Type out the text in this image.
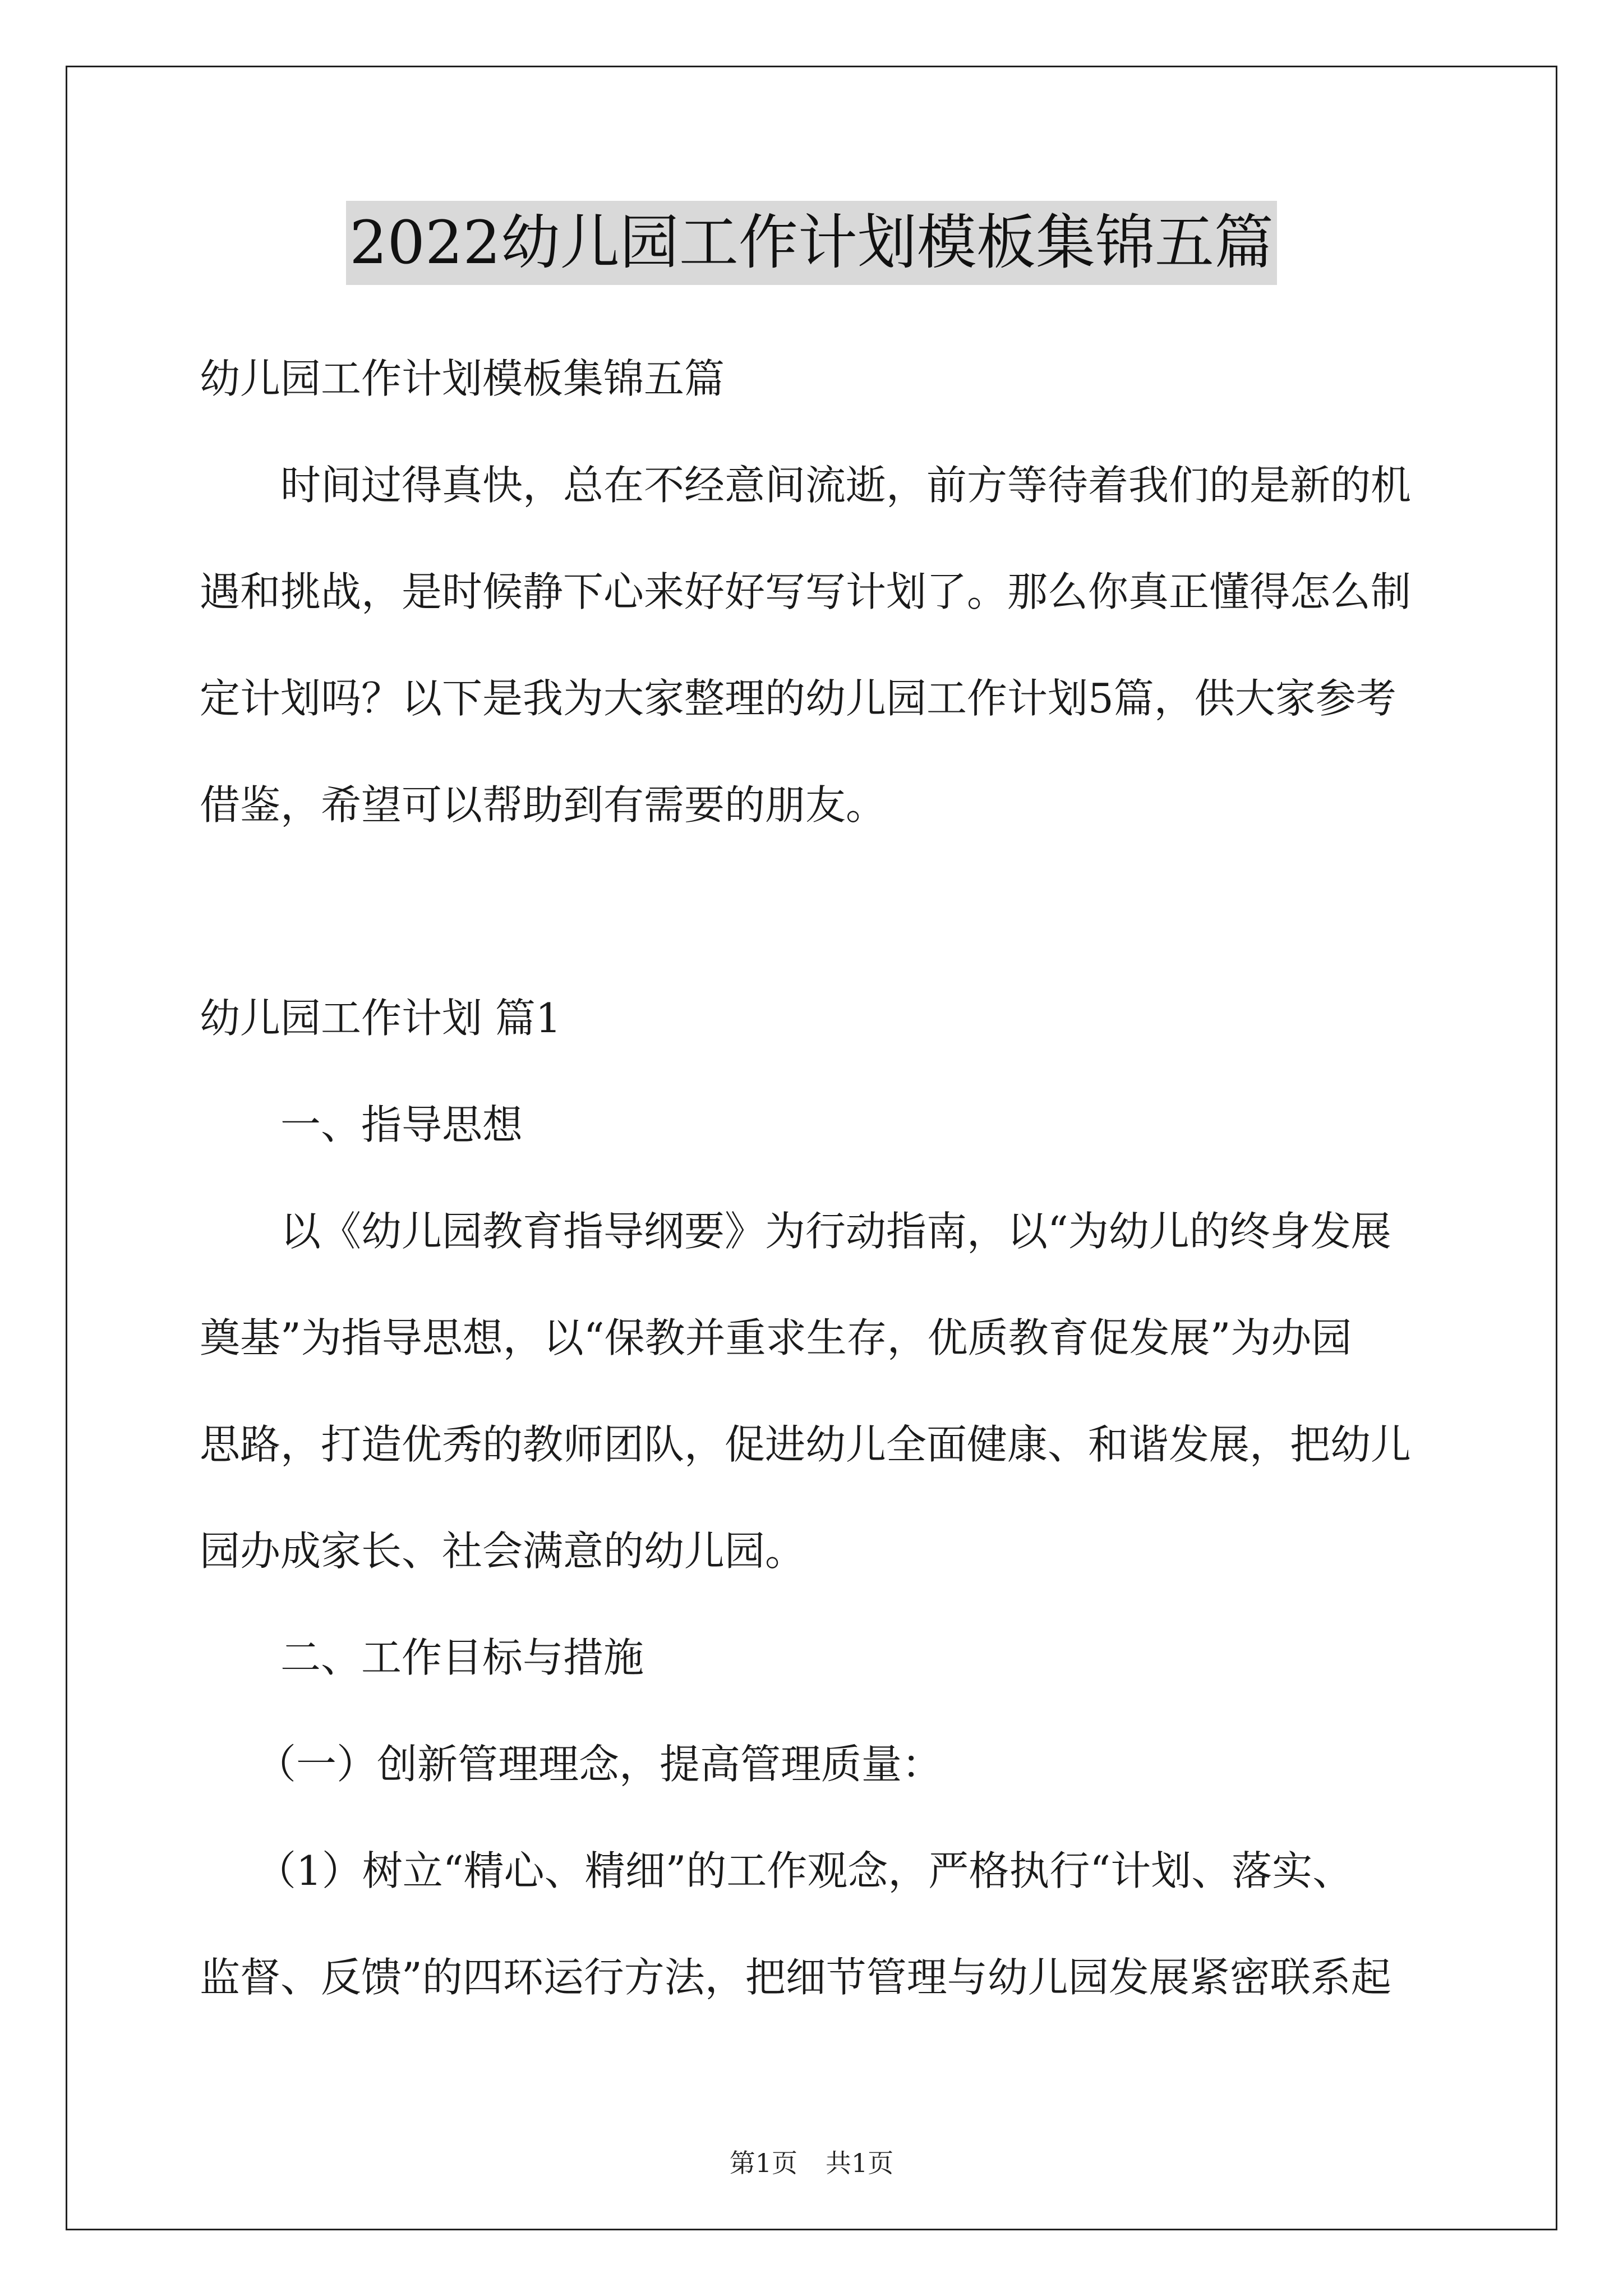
2022幼儿园工作计划模板集锦五篇
幼儿园工作计划模板集锦五篇
时间过得真快，总在不经意间流逝，前方等待着我们的是新的机
遇和挑战，是时候静下心来好好写写计划了。那么你真正懂得怎么制
定计划吗？以下是我为大家整理的幼儿园工作计划5篇，供大家参考
借鉴，希望可以帮助到有需要的朋友。
幼儿园工作计划 篇1
一、指导思想
以《幼儿园教育指导纲要》为行动指南，以“为幼儿的终身发展
奠基”为指导思想，以“保教并重求生存，优质教育促发展”为办园
思路，打造优秀的教师团队，促进幼儿全面健康、和谐发展，把幼儿
园办成家长、社会满意的幼儿园。
二、工作目标与措施
（一）创新管理理念，提高管理质量：
（1）树立“精心、精细”的工作观念，严格执行“计划、落实、
监督、反馈”的四环运行方法，把细节管理与幼儿园发展紧密联系起
第1页 共1页
